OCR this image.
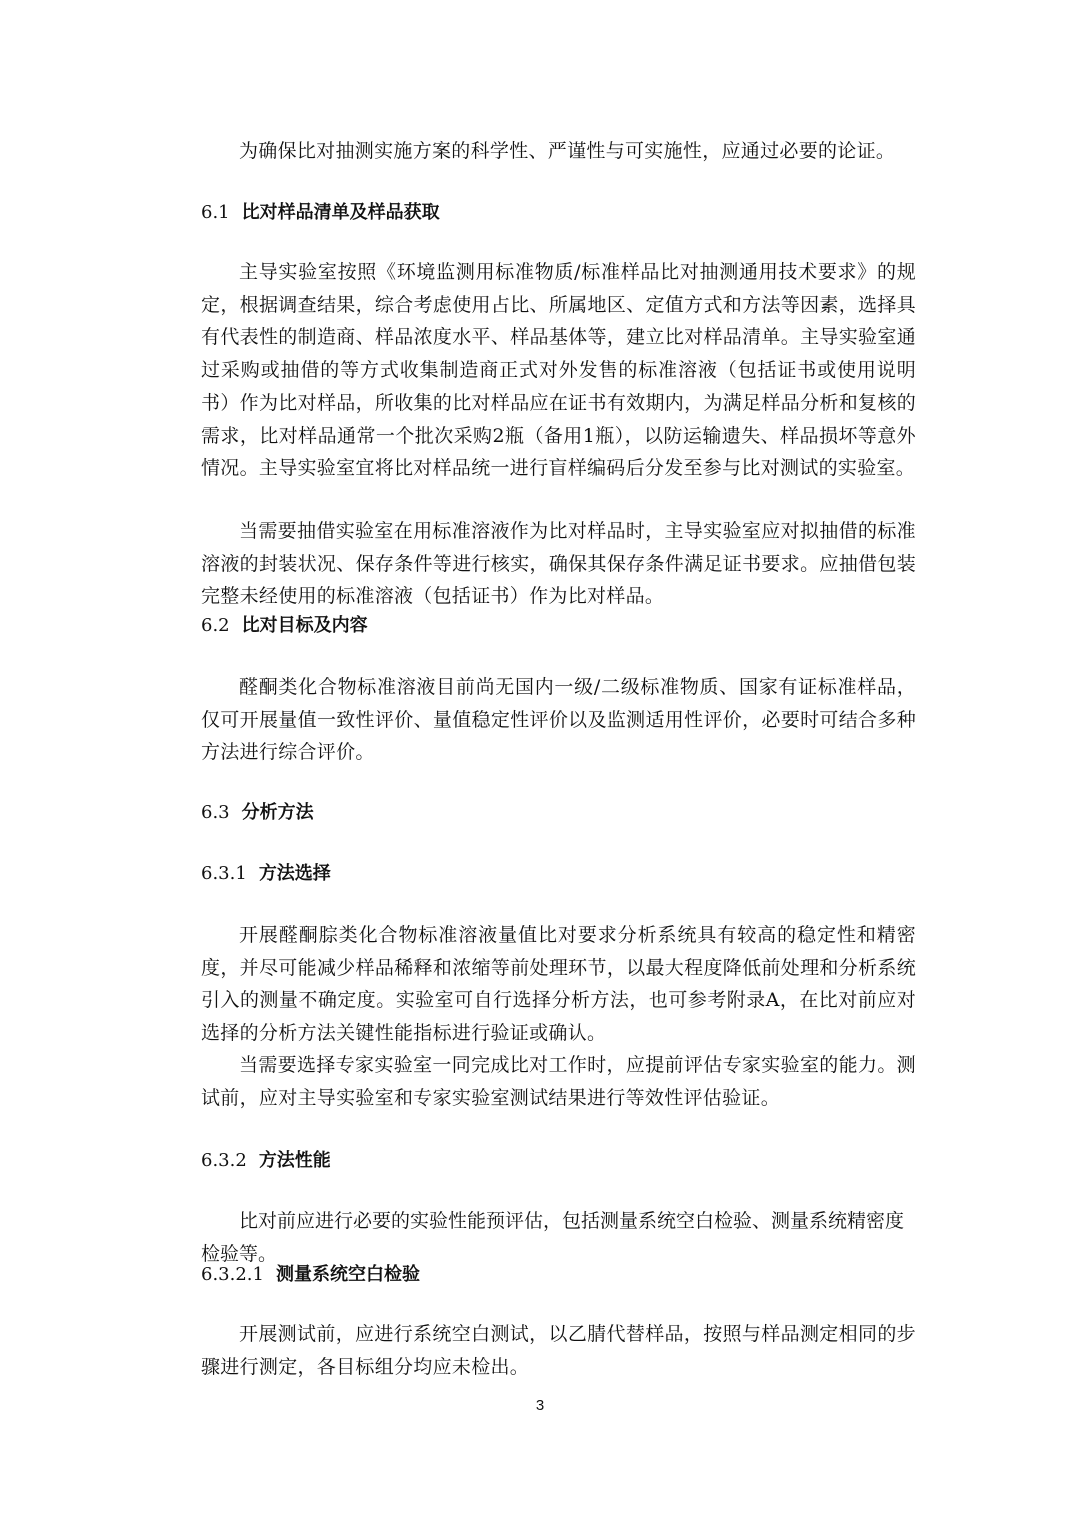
为确保比对抽测实施方案的科学性、严谨性与可实施性，应通过必要的论证。

6.1 比对样品清单及样品获取

主导实验室按照《环境监测用标准物质/标准样品比对抽测通用技术要求》的规定，根据调查结果，综合考虑使用占比、所属地区、定值方式和方法等因素，选择具有代表性的制造商、样品浓度水平、样品基体等，建立比对样品清单。主导实验室通过采购或抽借的等方式收集制造商正式对外发售的标准溶液（包括证书或使用说明书）作为比对样品，所收集的比对样品应在证书有效期内，为满足样品分析和复核的需求，比对样品通常一个批次采购2瓶（备用1瓶），以防运输遗失、样品损坏等意外情况。主导实验室宜将比对样品统一进行盲样编码后分发至参与比对测试的实验室。

当需要抽借实验室在用标准溶液作为比对样品时，主导实验室应对拟抽借的标准溶液的封装状况、保存条件等进行核实，确保其保存条件满足证书要求。应抽借包装完整未经使用的标准溶液（包括证书）作为比对样品。

6.2 比对目标及内容

醛酮类化合物标准溶液目前尚无国内一级/二级标准物质、国家有证标准样品，仅可开展量值一致性评价、量值稳定性评价以及监测适用性评价，必要时可结合多种方法进行综合评价。

6.3 分析方法
6.3.1 方法选择

开展醛酮腙类化合物标准溶液量值比对要求分析系统具有较高的稳定性和精密度，并尽可能减少样品稀释和浓缩等前处理环节，以最大程度降低前处理和分析系统引入的测量不确定度。实验室可自行选择分析方法，也可参考附录A，在比对前应对选择的分析方法关键性能指标进行验证或确认。

当需要选择专家实验室一同完成比对工作时，应提前评估专家实验室的能力。测试前，应对主导实验室和专家实验室测试结果进行等效性评估验证。

6.3.2 方法性能

比对前应进行必要的实验性能预评估，包括测量系统空白检验、测量系统精密度检验等。

6.3.2.1 测量系统空白检验

开展测试前，应进行系统空白测试，以乙腈代替样品，按照与样品测定相同的步骤进行测定，各目标组分均应未检出。

3
